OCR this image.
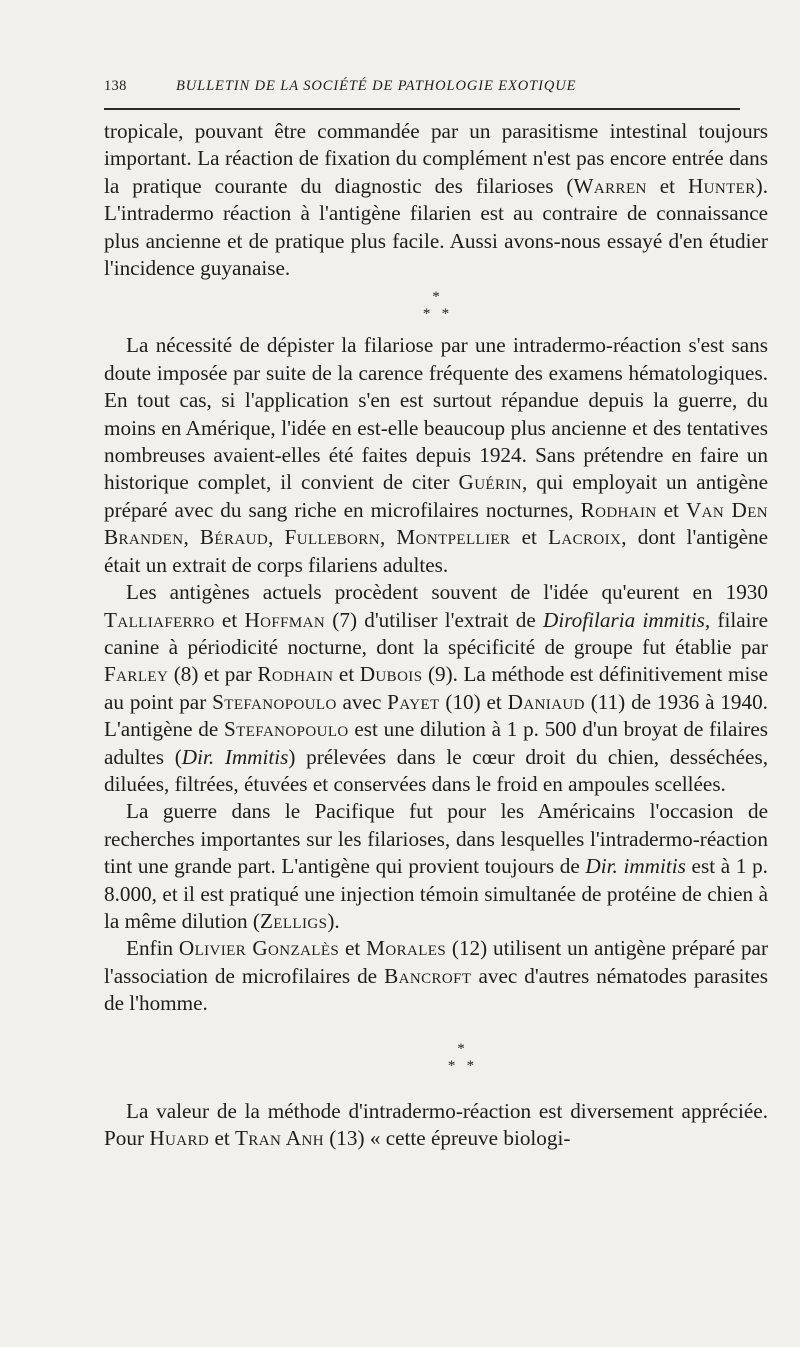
138	BULLETIN DE LA SOCIÉTÉ DE PATHOLOGIE EXOTIQUE

tropicale, pouvant être commandée par un parasitisme intestinal toujours important. La réaction de fixation du complément n'est pas encore entrée dans la pratique courante du diagnostic des filarioses (Warren et Hunter). L'intradermo réaction à l'antigène filarien est au contraire de connaissance plus ancienne et de pratique plus facile. Aussi avons-nous essayé d'en étudier l'incidence guyanaise.

*
*   *

La nécessité de dépister la filariose par une intradermo-réaction s'est sans doute imposée par suite de la carence fréquente des examens hématologiques. En tout cas, si l'application s'en est surtout répandue depuis la guerre, du moins en Amérique, l'idée en est-elle beaucoup plus ancienne et des tentatives nombreuses avaient-elles été faites depuis 1924. Sans prétendre en faire un historique complet, il convient de citer Guérin, qui employait un antigène préparé avec du sang riche en microfilaires nocturnes, Rodhain et Van Den Branden, Béraud, Fulleborn, Montpellier et Lacroix, dont l'antigène était un extrait de corps filariens adultes.

Les antigènes actuels procèdent souvent de l'idée qu'eurent en 1930 Talliaferro et Hoffman (7) d'utiliser l'extrait de Dirofilaria immitis, filaire canine à périodicité nocturne, dont la spécificité de groupe fut établie par Farley (8) et par Rodhain et Dubois (9). La méthode est définitivement mise au point par Stefanopoulo avec Payet (10) et Daniaud (11) de 1936 à 1940. L'antigène de Stefanopoulo est une dilution à 1 p. 500 d'un broyat de filaires adultes (Dir. Immitis) prélevées dans le cœur droit du chien, desséchées, diluées, filtrées, étuvées et conservées dans le froid en ampoules scellées.

La guerre dans le Pacifique fut pour les Américains l'occasion de recherches importantes sur les filarioses, dans lesquelles l'intradermo-réaction tint une grande part. L'antigène qui provient toujours de Dir. immitis est à 1 p. 8.000, et il est pratiqué une injection témoin simultanée de protéine de chien à la même dilution (Zelligs).

Enfin Olivier Gonzalès et Morales (12) utilisent un antigène préparé par l'association de microfilaires de Bancroft avec d'autres nématodes parasites de l'homme.

*
*   *

La valeur de la méthode d'intradermo-réaction est diversement appréciée. Pour Huard et Tran Anh (13) « cette épreuve biologi-
